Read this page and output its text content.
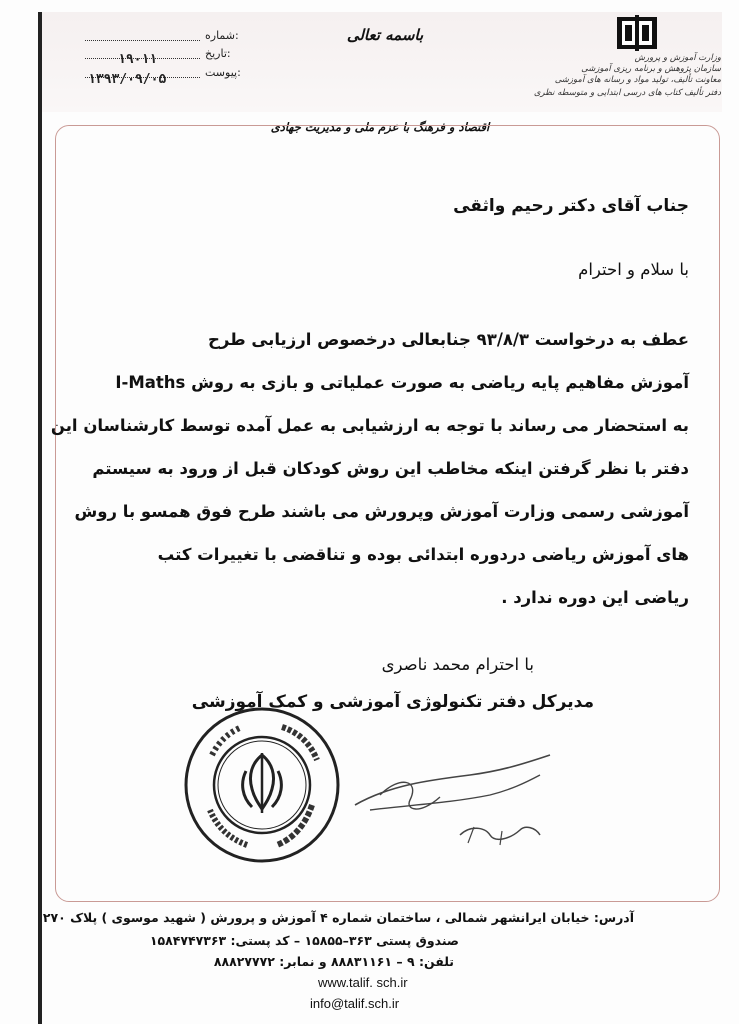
شماره:
تاریخ:
۱۹۰۱۱
پیوست:
۱۳۹۳/۰۹/۰۵
باسمه تعالی
وزارت آموزش و پرورش
سازمان پژوهش و برنامه ریزی آموزشی
معاونت تألیف، تولید مواد و رسانه های آموزشی
دفتر تألیف کتاب های درسی ابتدایی و متوسطه نظری
اقتصاد و فرهنگ با عزم ملی و مدیریت جهادی
جناب آقای دکتر رحیم واثقی
با سلام و احترام
عطف به درخواست ۹۳/۸/۳ جنابعالی درخصوص ارزیابی طرح
آموزش مفاهیم پایه ریاضی به صورت عملیاتی و بازی به روش I-Maths
به استحضار می رساند با توجه به ارزشیابی به عمل آمده توسط کارشناسان این
دفتر با نظر گرفتن اینکه مخاطب این روش کودکان قبل از ورود به سیستم
آموزشی رسمی وزارت آموزش وپرورش می باشند طرح فوق همسو با روش
های آموزش ریاضی دردوره ابتدائی بوده و تناقضی با تغییرات کتب
ریاضی این دوره ندارد .
با احترام محمد ناصری
مدیرکل دفتر تکنولوژی آموزشی و کمک آموزشی
آدرس: خیابان ایرانشهر شمالی ، ساختمان شماره ۴ آموزش و پرورش ( شهید موسوی ) پلاک ۲۷۰
صندوق پستی ۳۶۳–۱۵۸۵۵ – کد پستی: ۱۵۸۴۷۴۷۳۶۳
تلفن: ۹ – ۸۸۸۳۱۱۶۱ و نمابر: ۸۸۸۲۷۷۷۲
www.talif. sch.ir
info@talif.sch.ir
